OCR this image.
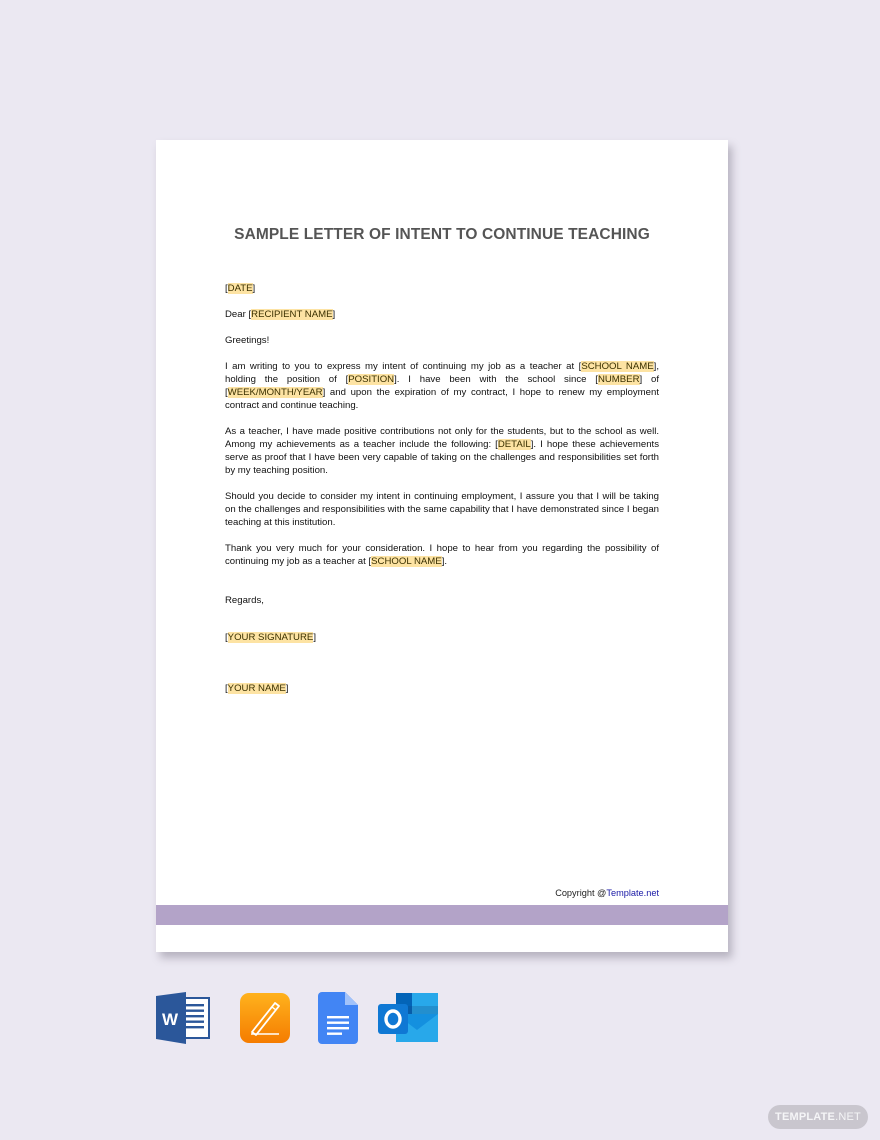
SAMPLE LETTER OF INTENT TO CONTINUE TEACHING

[DATE]

Dear [RECIPIENT NAME]

Greetings!

I am writing to you to express my intent of continuing my job as a teacher at [SCHOOL NAME], holding the position of [POSITION]. I have been with the school since [NUMBER] of [WEEK/MONTH/YEAR] and upon the expiration of my contract, I hope to renew my employment contract and continue teaching.

As a teacher, I have made positive contributions not only for the students, but to the school as well. Among my achievements as a teacher include the following: [DETAIL]. I hope these achievements serve as proof that I have been very capable of taking on the challenges and responsibilities set forth by my teaching position.

Should you decide to consider my intent in continuing employment, I assure you that I will be taking on the challenges and responsibilities with the same capability that I have demonstrated since I began teaching at this institution.

Thank you very much for your consideration. I hope to hear from you regarding the possibility of continuing my job as a teacher at [SCHOOL NAME].

Regards,

[YOUR SIGNATURE]

[YOUR NAME]

Copyright @Template.net
W
TEMPLATE.NET
